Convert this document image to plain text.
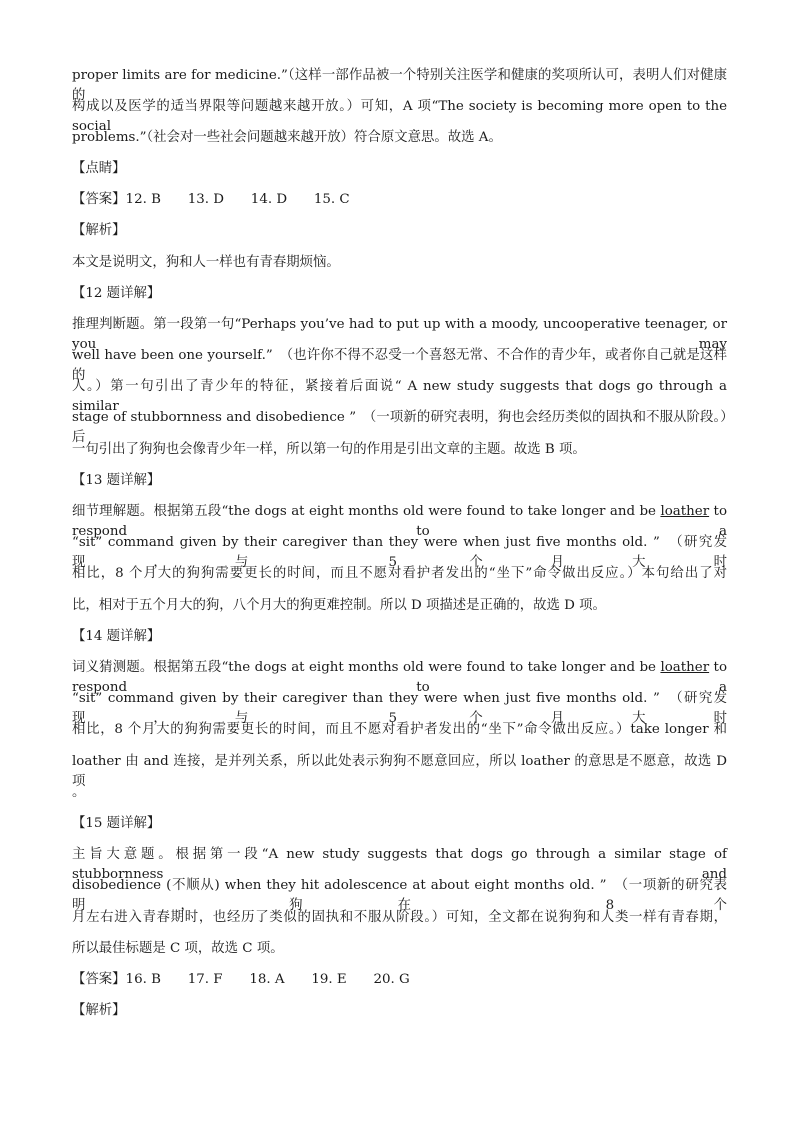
proper limits are for medicine.”（这样一部作品被一个特别关注医学和健康的奖项所认可，表明人们对健康的
构成以及医学的适当界限等问题越来越开放。）可知，A 项“The society is becoming more open to the social
problems.”（社会对一些社会问题越来越开放）符合原文意思。故选 A。
【点睛】
【答案】12. B　　13. D　　14. D　　15. C
【解析】
本文是说明文，狗和人一样也有青春期烦恼。
【12 题详解】
推理判断题。第一段第一句“Perhaps you’ve had to put up with a moody, uncooperative teenager, or you may
well have been one yourself.”　（也许你不得不忍受一个喜怒无常、不合作的青少年，或者你自己就是这样的
人。）第一句引出了青少年的特征，紧接着后面说“ A new study suggests that dogs go through a similar
stage of stubbornness and disobedience ”　（一项新的研究表明，狗也会经历类似的固执和不服从阶段。）后
一句引出了狗狗也会像青少年一样，所以第一句的作用是引出文章的主题。故选 B 项。
【13 题详解】
细节理解题。根据第五段“the dogs at eight months old were found to take longer and be loather to respond to a
“sit” command given by their caregiver than they were when just five months old. ”　（研究发现，与 5 个月大时
相比，8 个月大的狗狗需要更长的时间，而且不愿对看护者发出的“坐下”命令做出反应。）本句给出了对
比，相对于五个月大的狗，八个月大的狗更难控制。所以 D 项描述是正确的，故选 D 项。
【14 题详解】
词义猜测题。根据第五段“the dogs at eight months old were found to take longer and be loather to respond to a
“sit” command given by their caregiver than they were when just five months old. ”　（研究发现，与 5 个月大时
相比，8 个月大的狗狗需要更长的时间，而且不愿对看护者发出的“坐下”命令做出反应。）take longer 和
loather 由 and 连接，是并列关系，所以此处表示狗狗不愿意回应，所以 loather 的意思是不愿意，故选 D 项
。
【15 题详解】
主旨大意题。根据第一段“A new study suggests that dogs go through a similar stage of stubbornness and
disobedience (不顺从) when they hit adolescence at about eight months old. ”　（一项新的研究表明，狗在 8 个
月左右进入青春期时，也经历了类似的固执和不服从阶段。）可知，全文都在说狗狗和人类一样有青春期，
所以最佳标题是 C 项，故选 C 项。
【答案】16. B　　17. F　　18. A　　19. E　　20. G
【解析】
